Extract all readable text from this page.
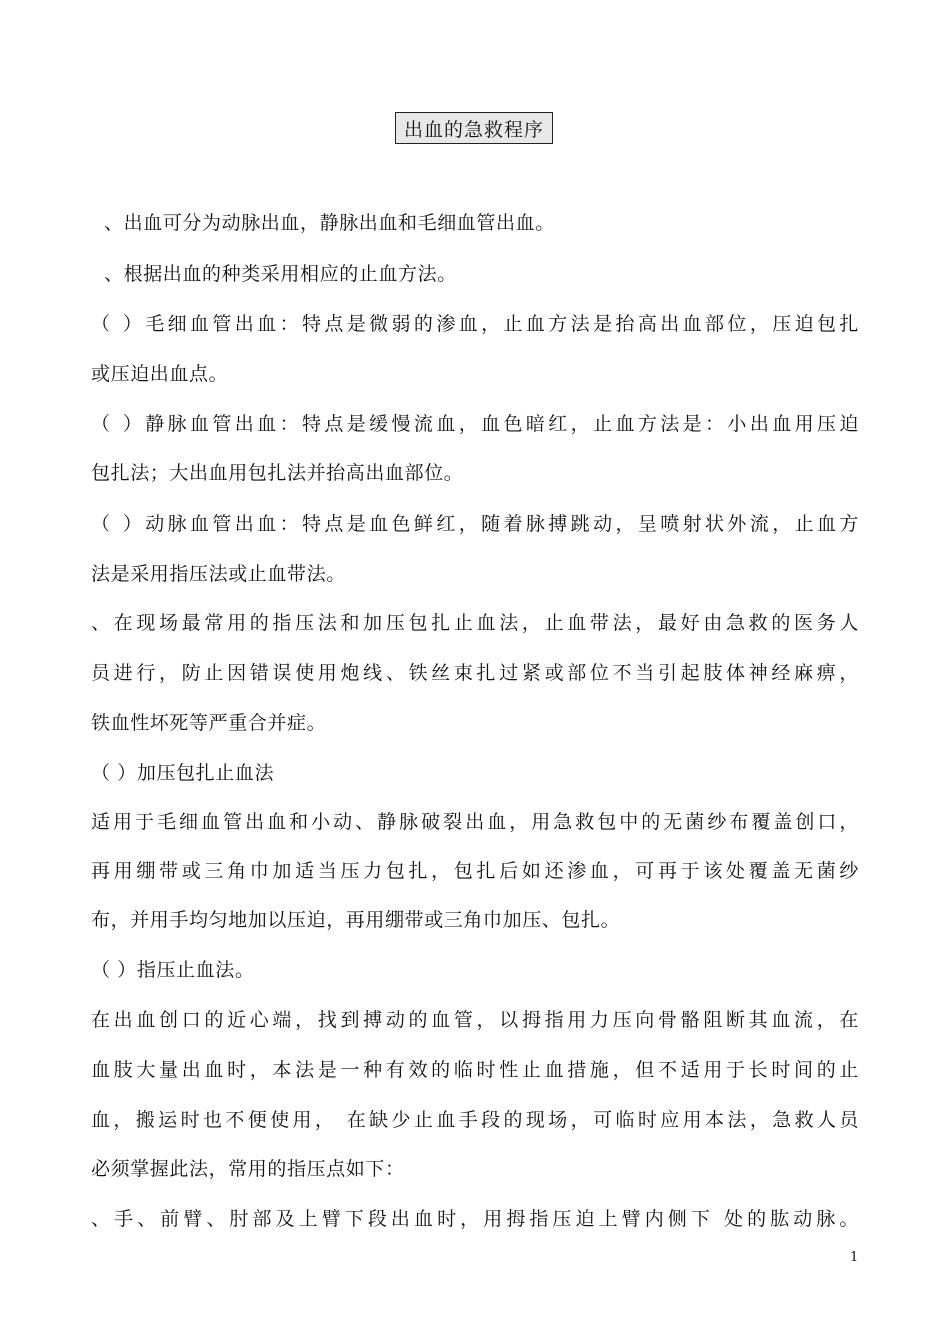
出血的急救程序
、出血可分为动脉出血，静脉出血和毛细血管出血。
、根据出血的种类采用相应的止血方法。
（ ）毛细血管出血：特点是微弱的渗血，止血方法是抬高出血部位，压迫包扎
或压迫出血点。
（ ）静脉血管出血：特点是缓慢流血，血色暗红，止血方法是：小出血用压迫
包扎法；大出血用包扎法并抬高出血部位。
（ ）动脉血管出血：特点是血色鲜红，随着脉搏跳动，呈喷射状外流，止血方
法是采用指压法或止血带法。
、在现场最常用的指压法和加压包扎止血法，止血带法，最好由急救的医务人
员进行，防止因错误使用炮线、铁丝束扎过紧或部位不当引起肢体神经麻痹，
铁血性坏死等严重合并症。
（ ）加压包扎止血法
适用于毛细血管出血和小动、静脉破裂出血，用急救包中的无菌纱布覆盖创口，
再用绷带或三角巾加适当压力包扎，包扎后如还渗血，可再于该处覆盖无菌纱
布，并用手均匀地加以压迫，再用绷带或三角巾加压、包扎。
（ ）指压止血法。
在出血创口的近心端，找到搏动的血管，以拇指用力压向骨骼阻断其血流，在
血肢大量出血时，本法是一种有效的临时性止血措施，但不适用于长时间的止
血，搬运时也不便使用， 在缺少止血手段的现场，可临时应用本法，急救人员
必须掌握此法，常用的指压点如下：
、手、前臂、肘部及上臂下段出血时，用拇指压迫上臂内侧下 处的肱动脉。
1
